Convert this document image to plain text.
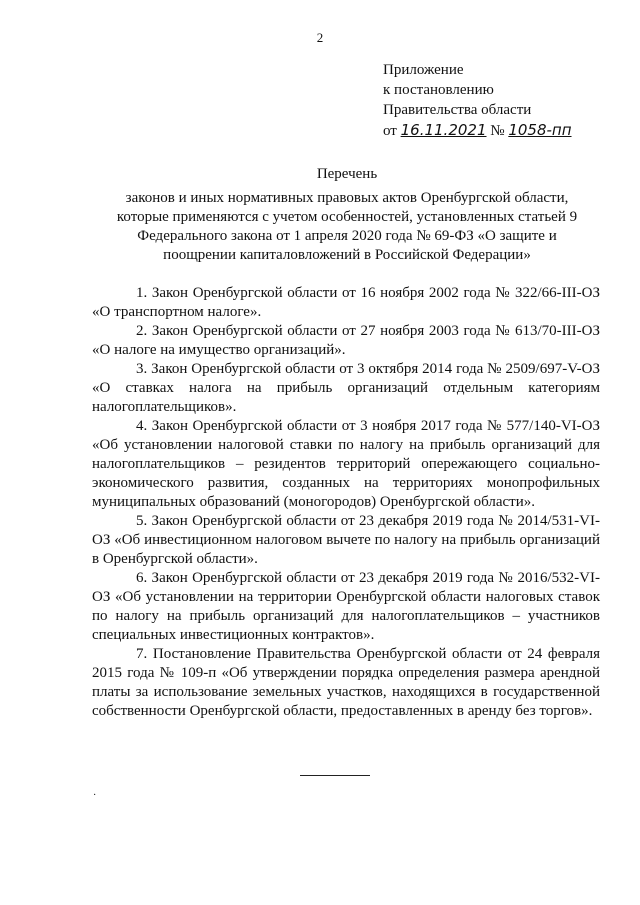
2
Приложение
к постановлению
Правительства области
от 16.11.2021 № 1058-пп
Перечень
законов и иных нормативных правовых актов Оренбургской области,
которые применяются с учетом особенностей, установленных статьей 9
Федерального закона от 1 апреля 2020 года № 69-ФЗ «О защите и
поощрении капиталовложений в Российской Федерации»

1. Закон Оренбургской области от 16 ноября 2002 года № 322/66-III-ОЗ «О транспортном налоге».

2. Закон Оренбургской области от 27 ноября 2003 года № 613/70-III-ОЗ «О налоге на имущество организаций».

3. Закон Оренбургской области от 3 октября 2014 года № 2509/697-V-ОЗ «О ставках налога на прибыль организаций отдельным категориям налогоплательщиков».

4. Закон Оренбургской области от 3 ноября 2017 года № 577/140-VI-ОЗ «Об установлении налоговой ставки по налогу на прибыль организаций для налогоплательщиков – резидентов территорий опережающего социально-экономического развития, созданных на территориях монопрофильных муниципальных образований (моногородов) Оренбургской области».

5. Закон Оренбургской области от 23 декабря 2019 года № 2014/531-VI-ОЗ «Об инвестиционном налоговом вычете по налогу на прибыль организаций в Оренбургской области».

6. Закон Оренбургской области от 23 декабря 2019 года № 2016/532-VI-ОЗ «Об установлении на территории Оренбургской области налоговых ставок по налогу на прибыль организаций для налогоплательщиков – участников специальных инвестиционных контрактов».

7. Постановление Правительства Оренбургской области от 24 февраля 2015 года № 109-п «Об утверждении порядка определения размера арендной платы за использование земельных участков, находящихся в государственной собственности Оренбургской области, предоставленных в аренду без торгов».

·
